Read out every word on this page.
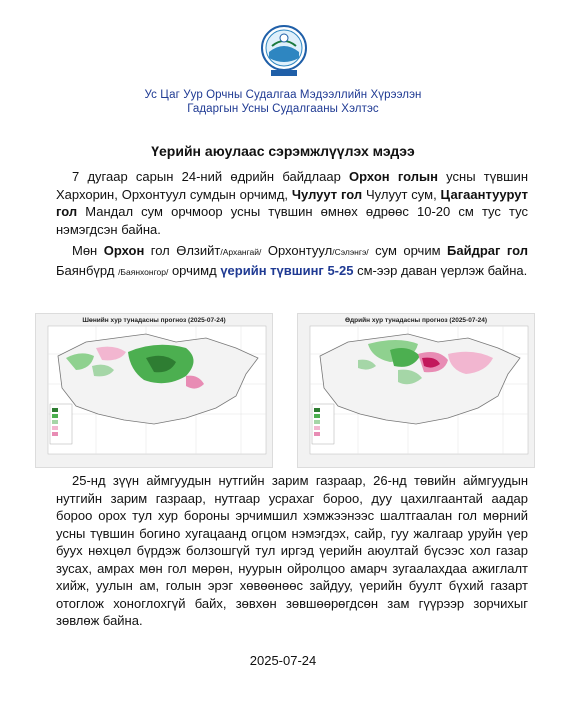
Ус Цаг Уур Орчны Судалгаа Мэдээллийн Хүрээлэн
Гадаргын Усны Судалгааны Хэлтэс
Үерийн аюулаас сэрэмжлүүлэх мэдээ
7 дугаар сарын 24-ний өдрийн байдлаар Орхон голын усны түвшин Хархорин, Орхонтуул сумдын орчимд, Чулуут гол Чулуут сум, Цагаантуурут гол Мандал сум орчмоор усны түвшин өмнөх өдрөөс 10-20 см тус тус нэмэгдсэн байна.
Мөн Орхон гол Өлзийт/Архангай/ Орхонтуул/Сэлэнгэ/ сум орчим Байдраг гол Баянбүрд /Баянхонгор/ орчимд үерийн түвшинг 5-25 см-ээр даван үерлэж байна.
Шөнийн хур тунадасны прогноз (2025-07-24)	Өдрийн хур тунадасны прогноз (2025-07-24)
25-нд зүүн аймгуудын нутгийн зарим газраар, 26-нд төвийн аймгуудын нутгийн зарим газраар, нутгаар усрахаг бороо, дуу цахилгаантай аадар бороо орох тул хур бороны эрчимшил хэмжээнээс шалтгаалан гол мөрний усны түвшин богино хугацаанд огцом нэмэгдэх, сайр, гуу жалгаар уруйн үер буух нөхцөл бүрдэж болзошгүй тул иргэд үерийн аюултай бүсээс хол газар зусах, амрах мөн гол мөрөн, нуурын ойролцоо амарч зугаалахдаа ажиглалт хийж, уулын ам, голын эрэг хөвөөнөөс зайдуу, үерийн буулт бүхий газарт отоглож хоноглохгүй байх, зөвхөн зөвшөөрөгдсөн зам гүүрээр зорчихыг зөвлөж байна.
2025-07-24
